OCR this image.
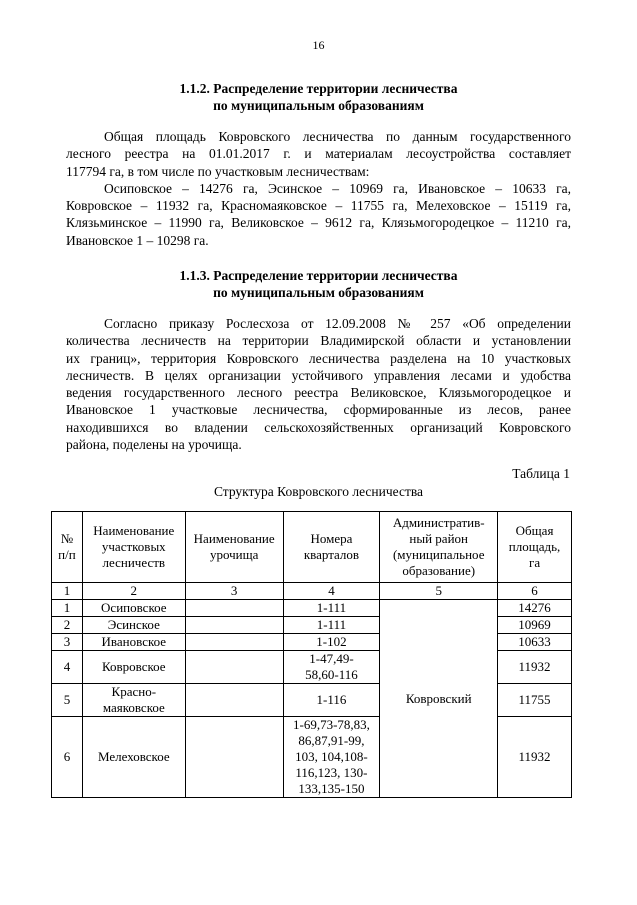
16
1.1.2. Распределение территории лесничества
по муниципальным образованиям
Общая площадь Ковровского лесничества по данным государственного
лесного реестра на 01.01.2017 г. и материалам лесоустройства составляет
117794 га, в том числе по участковым лесничествам:
Осиповское – 14276 га, Эсинское – 10969 га, Ивановское – 10633 га,
Ковровское – 11932 га, Красномаяковское – 11755 га, Мелеховское – 15119 га,
Клязьминское – 11990 га, Великовское – 9612 га, Клязьмогородецкое – 11210 га,
Ивановское 1 – 10298 га.
1.1.3. Распределение территории лесничества
по муниципальным образованиям
Согласно приказу Рослесхоза от 12.09.2008 № 257 «Об определении
количества лесничеств на территории Владимирской области и установлении
их границ», территория Ковровского лесничества разделена на 10 участковых
лесничеств. В целях организации устойчивого управления лесами и удобства
ведения государственного лесного реестра Великовское, Клязьмогородецкое и
Ивановское 1 участковые лесничества, сформированные из лесов, ранее
находившихся во владении сельскохозяйственных организаций Ковровского
района, поделены на урочища.
Таблица 1
Структура Ковровского лесничества
№
п/п	Наименование
участковых
лесничеств	Наименование
урочища	Номера
кварталов	Административ-
ный район
(муниципальное
образование)	Общая
площадь,
га
1	2	3	4	5	6
1	Осиповское		1-111	Ковровский	14276
2	Эсинское		1-111		10969
3	Ивановское		1-102		10633
4	Ковровское		1-47,49-
58,60-116		11932
5	Красно-
маяковское		1-116		11755
6	Мелеховское		1-69,73-78,83,
86,87,91-99,
103, 104,108-
116,123, 130-
133,135-150		11932
